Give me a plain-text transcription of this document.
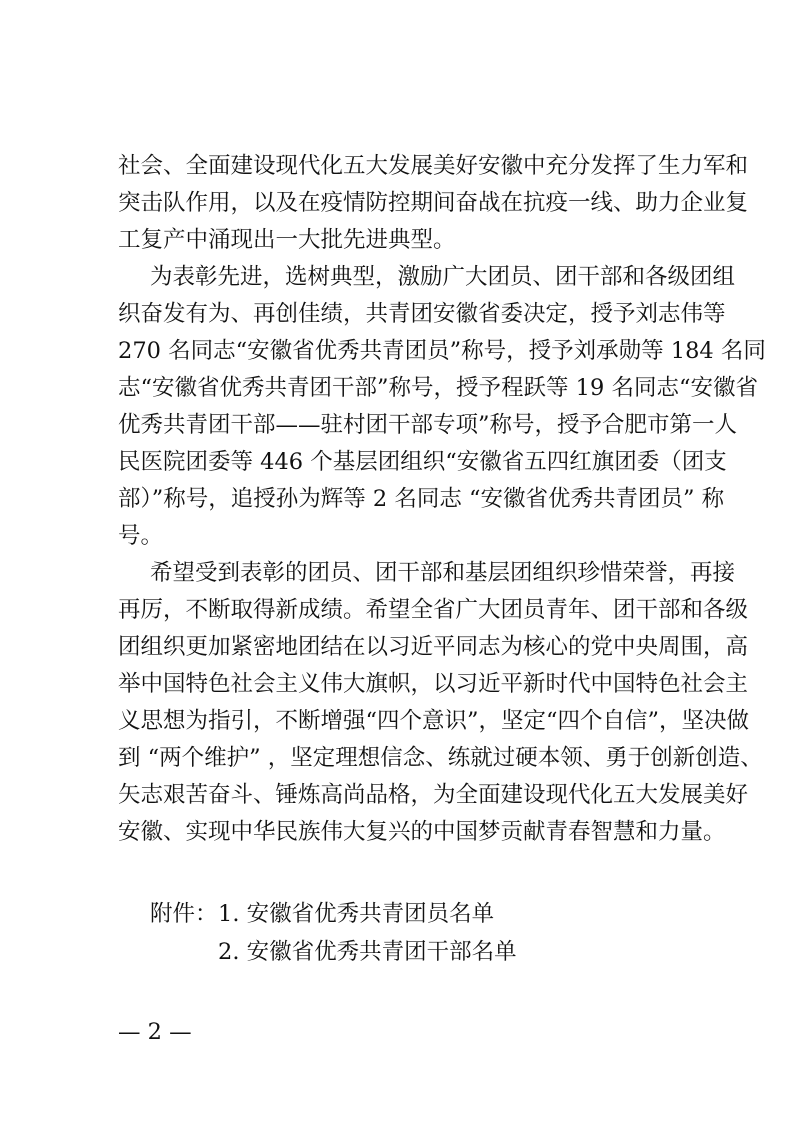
社会、全面建设现代化五大发展美好安徽中充分发挥了生力军和
突击队作用，以及在疫情防控期间奋战在抗疫一线、助力企业复
工复产中涌现出一大批先进典型。
为表彰先进，选树典型，激励广大团员、团干部和各级团组
织奋发有为、再创佳绩，共青团安徽省委决定，授予刘志伟等
270 名同志“安徽省优秀共青团员”称号，授予刘承勋等 184 名同
志“安徽省优秀共青团干部”称号，授予程跃等 19 名同志“安徽省
优秀共青团干部——驻村团干部专项”称号，授予合肥市第一人
民医院团委等 446 个基层团组织“安徽省五四红旗团委（团支
部）”称号，追授孙为辉等 2 名同志 “安徽省优秀共青团员” 称
号。
希望受到表彰的团员、团干部和基层团组织珍惜荣誉，再接
再厉，不断取得新成绩。希望全省广大团员青年、团干部和各级
团组织更加紧密地团结在以习近平同志为核心的党中央周围，高
举中国特色社会主义伟大旗帜，以习近平新时代中国特色社会主
义思想为指引，不断增强“四个意识”，坚定“四个自信”，坚决做
到 “两个维护” ，坚定理想信念、练就过硬本领、勇于创新创造、
矢志艰苦奋斗、锤炼高尚品格，为全面建设现代化五大发展美好
安徽、实现中华民族伟大复兴的中国梦贡献青春智慧和力量。
附件： 1. 安徽省优秀共青团员名单
2. 安徽省优秀共青团干部名单
— 2 —
